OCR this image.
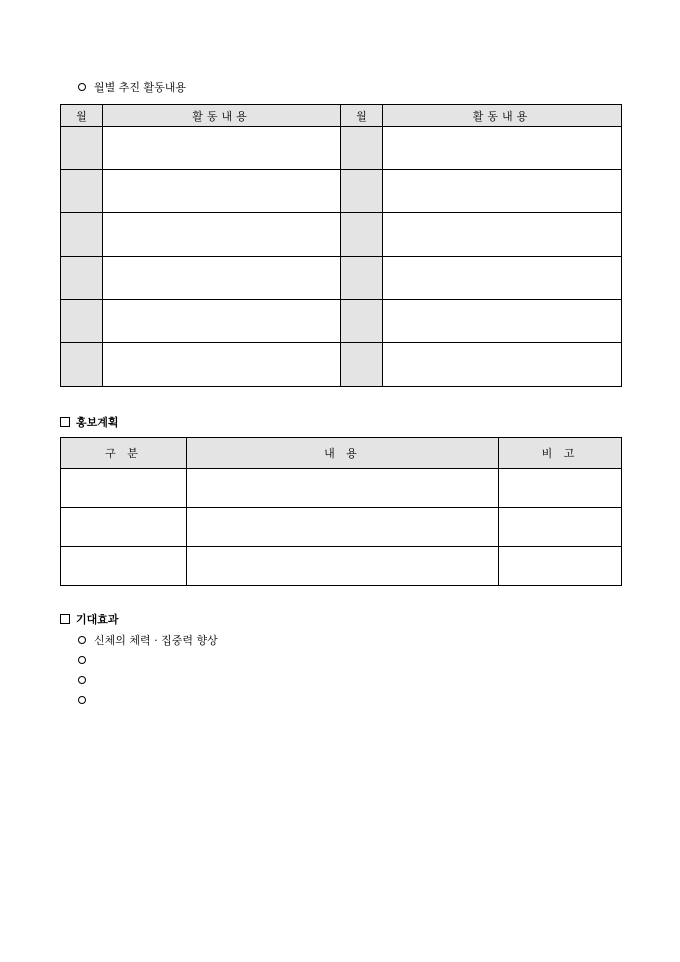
월별 추진 활동내용
월	활동내용	월	활동내용

홍보계획
구 분	내 용	비 고

기대효과
신체의 체력 · 집중력 향상
